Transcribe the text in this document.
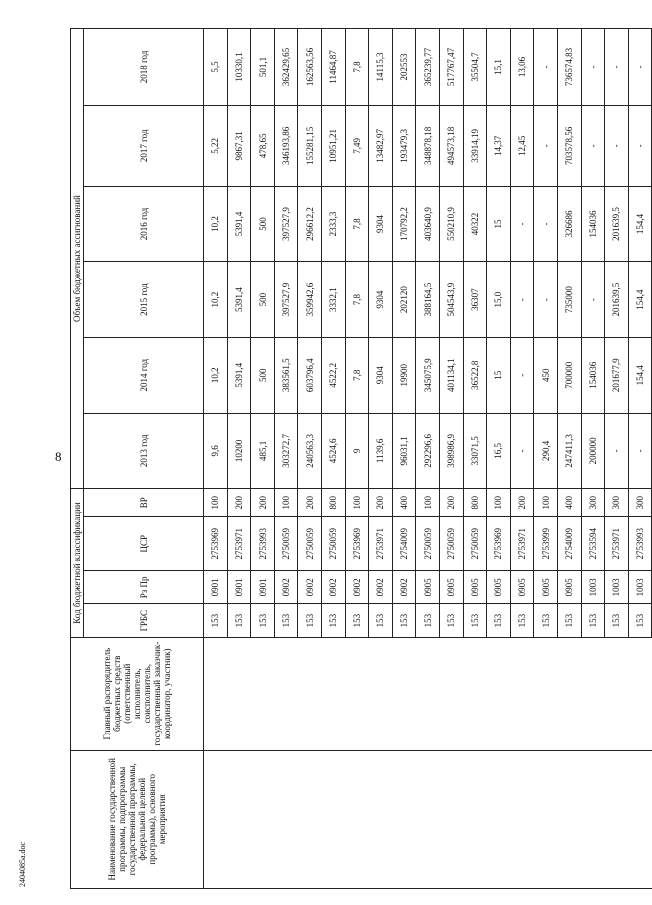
8
Наименование государственной программы, подпрограммы государственной программы, федеральной целевой программы), основного мероприятия	Главный распорядитель бюджетных средств (ответственный исполнитель, соисполнитель, государственный заказчик-координатор, участник)	Код бюджетной классификации				Объем бюджетных ассигнований					
		ГРБС	Рз Пр	ЦСР	ВР	2013 год	2014 год	2015 год	2016 год	2017 год	2018 год
		153	0901	2753969	100	9,6	10,2	10,2	10,2	5,22	5,5
		153	0901	2753971	200	10200	5391,4	5391,4	5391,4	9867,31	10330,1
		153	0901	2753993	200	485,1	500	500	500	478,65	501,1
		153	0902	2750059	100	303272,7	383561,5	397527,9	397527,9	346193,86	362429,65
		153	0902	2750059	200	240563,3	603796,4	359942,6	296612,2	155281,15	162563,56
		153	0902	2750059	800	4524,6	4522,2	3332,1	2333,3	10951,21	11464,87
		153	0902	2753969	100	9	7,8	7,8	7,8	7,49	7,8
		153	0902	2753971	200	1139,6	9304	9304	9304	13482,97	14115,3
		153	0902	2754009	400	96031,1	19900	202120	170792,2	193479,3	202553
		153	0905	2750059	100	292296,6	345075,9	388164,5	403640,9	348878,18	365239,77
		153	0905	2750059	200	398986,9	401134,1	504543,9	550210,9	494573,18	517767,47
		153	0905	2750059	800	33071,5	36522,8	36307	40322	33914,19	35504,7
		153	0905	2753969	100	16,5	15	15,0	15	14,37	15,1
		153	0905	2753971	200	-	-	-	-	12,45	13,06
		153	0905	2753999	100	290,4	450	-	-	-	-
		153	0905	2754009	400	247411,3	700000	735000	326686	703578,56	736574,83
		153	1003	2753594	300	200000	154036	-	154036	-	-
		153	1003	2753971	300	-	201677,9	201639,5	201639,5	-	-
		153	1003	2753993	300	-	154,4	154,4	154,4	-	-
2404085а.doc
